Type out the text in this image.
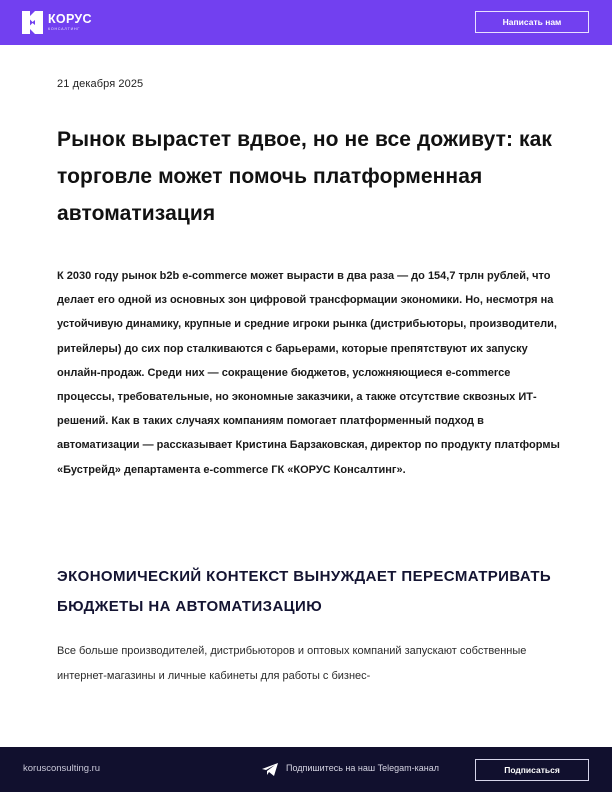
КОРУС
КОНСАЛТИНГ
Написать нам
21 декабря 2025
Рынок вырастет вдвое, но не все доживут: как торговле может помочь платформенная автоматизация

К 2030 году рынок b2b e-commerce может вырасти в два раза — до 154,7 трлн рублей, что делает его одной из основных зон цифровой трансформации экономики. Но, несмотря на устойчивую динамику, крупные и средние игроки рынка (дистрибьюторы, производители, ритейлеры) до сих пор сталкиваются с барьерами, которые препятствуют их запуску онлайн-продаж. Среди них — сокращение бюджетов, усложняющиеся e-commerce процессы, требовательные, но экономные заказчики, а также отсутствие сквозных ИТ-решений. Как в таких случаях компаниям помогает платформенный подход в автоматизации — рассказывает Кристина Барзаковская, директор по продукту платформы «Бустрейд» департамента e-commerce ГК «КОРУС Консалтинг».

ЭКОНОМИЧЕСКИЙ КОНТЕКСТ ВЫНУЖДАЕТ ПЕРЕСМАТРИВАТЬ БЮДЖЕТЫ НА АВТОМАТИЗАЦИЮ

Все больше производителей, дистрибьюторов и оптовых компаний запускают собственные интернет-магазины и личные кабинеты для работы с бизнес-

korusconsulting.ru	Подпишитесь на наш Telegam-канал	Подписаться
